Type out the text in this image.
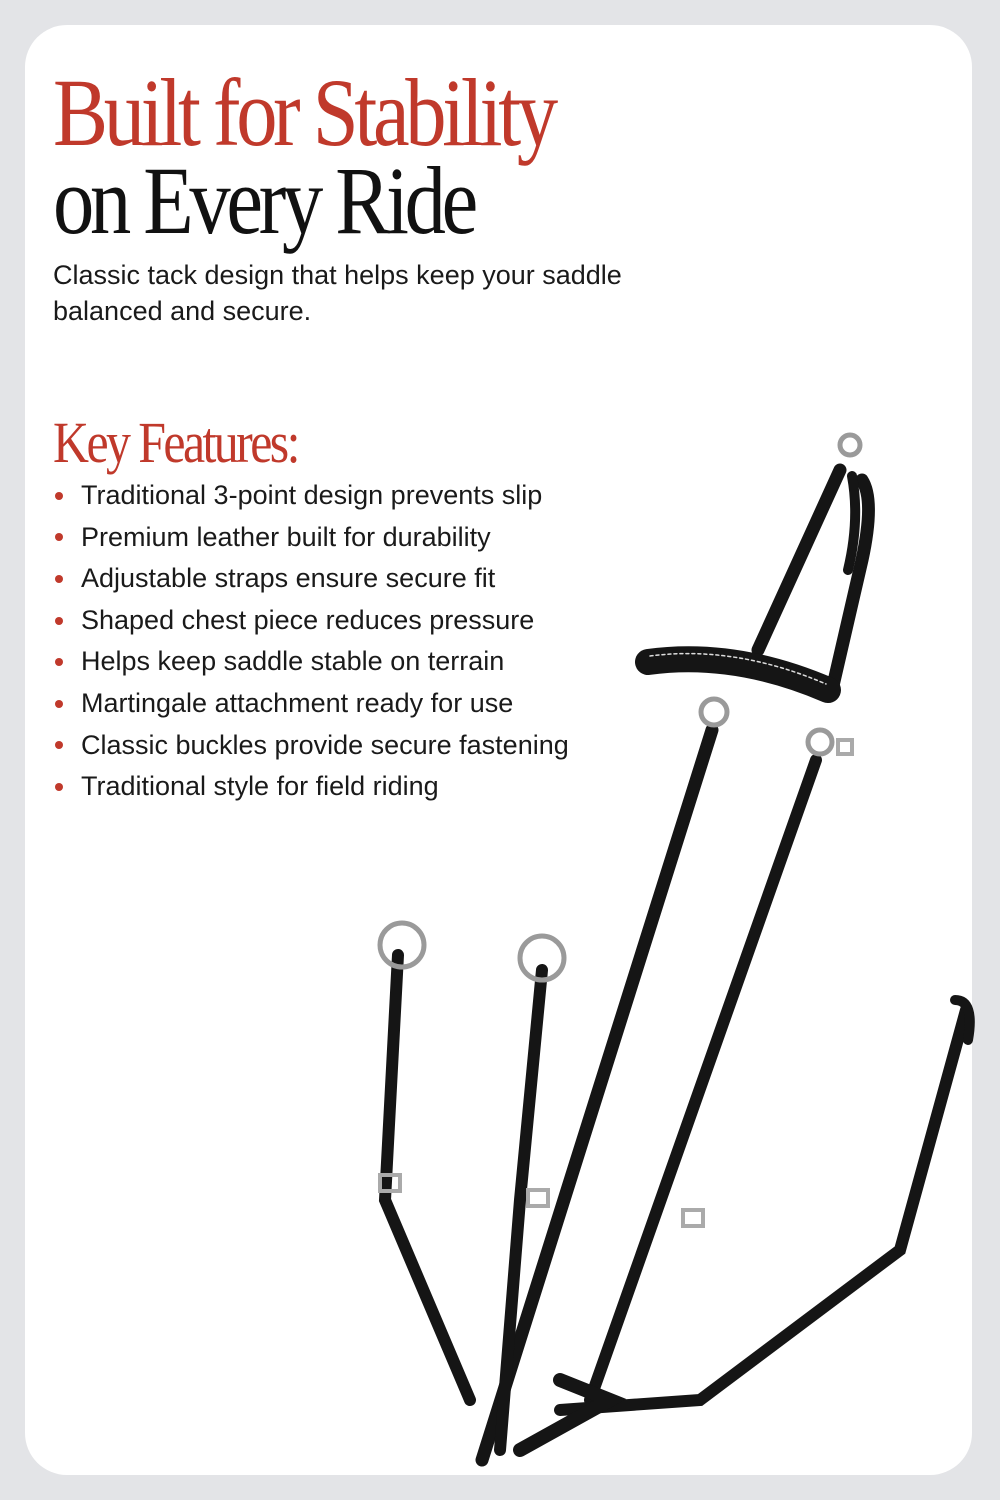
Built for Stability
on Every Ride
Classic tack design that helps keep your saddle balanced and secure.
Key Features:
Traditional 3-point design prevents slip
Premium leather built for durability
Adjustable straps ensure secure fit
Shaped chest piece reduces pressure
Helps keep saddle stable on terrain
Martingale attachment ready for use
Classic buckles provide secure fastening
Traditional style for field riding
